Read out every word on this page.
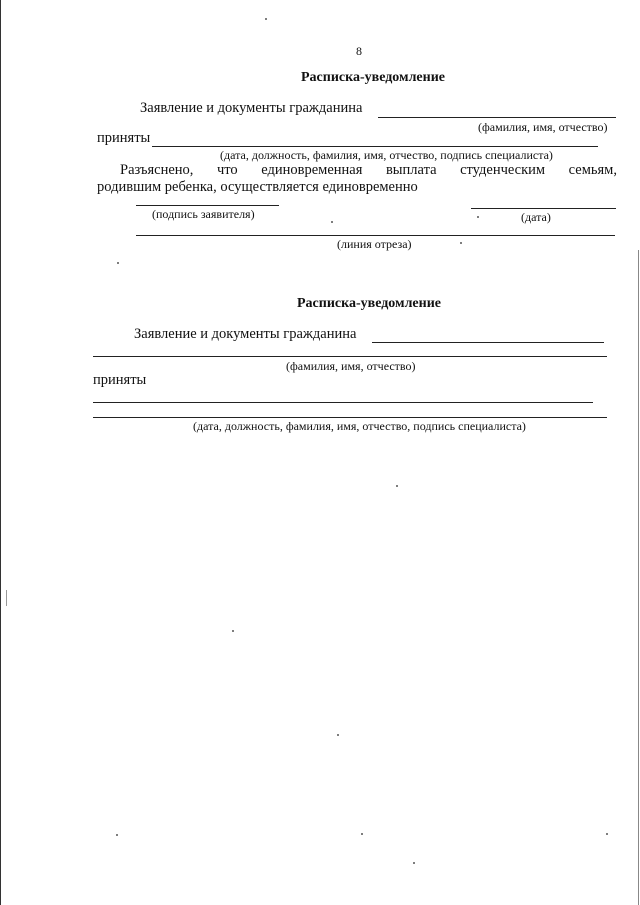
8
Расписка-уведомление
Заявление и документы гражданина
(фамилия, имя, отчество)
приняты
(дата, должность, фамилия, имя, отчество, подпись специалиста)
Разъяснено, что единовременная выплата студенческим семьям,
родившим ребенка, осуществляется единовременно
(подпись заявителя)	(дата)
(линия отреза)
Расписка-уведомление
Заявление и документы гражданина
(фамилия, имя, отчество)
приняты
(дата, должность, фамилия, имя, отчество, подпись специалиста)
